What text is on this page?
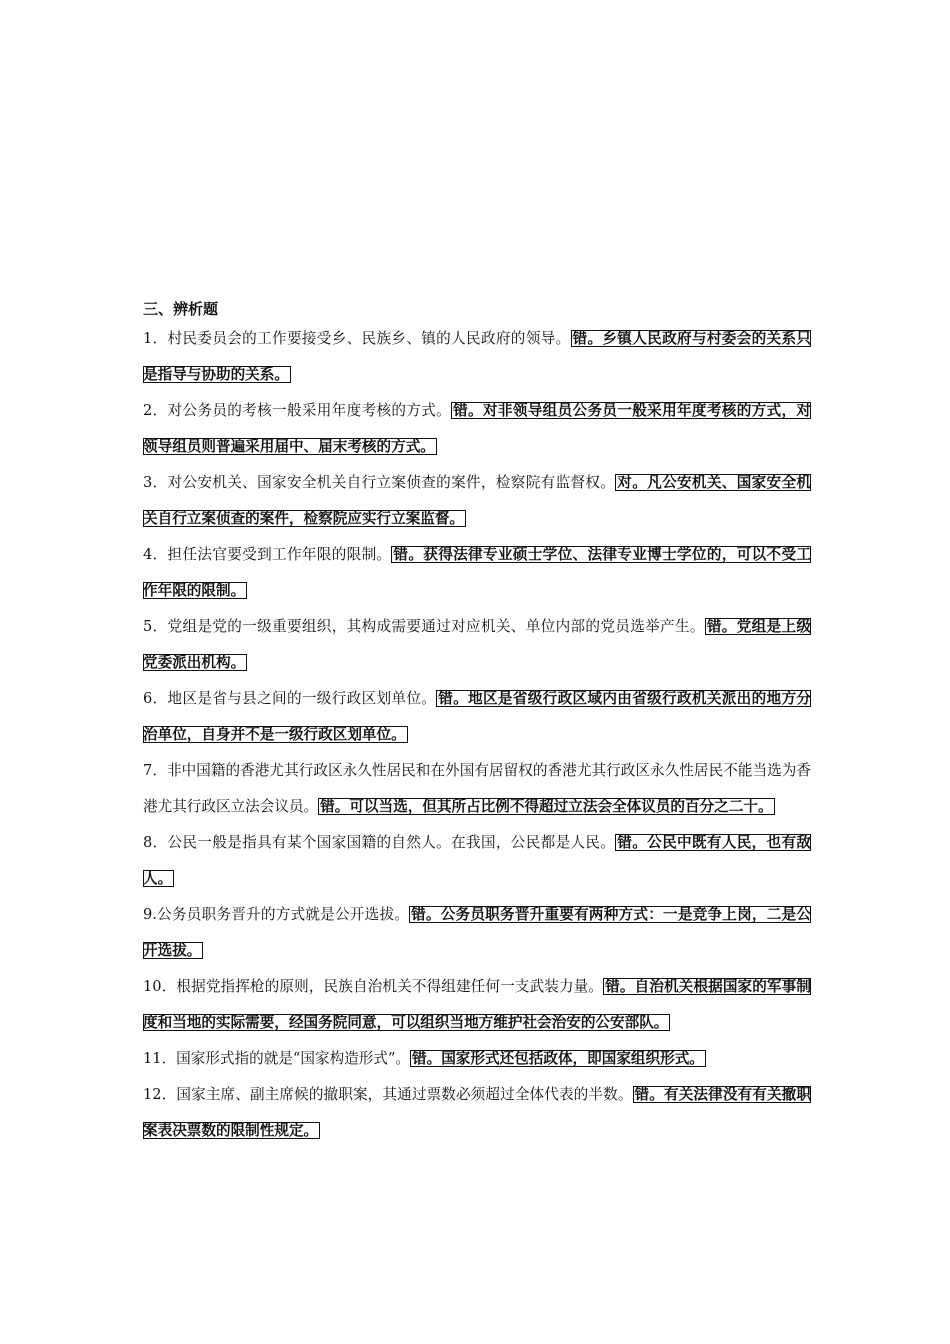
三、辨析题

1．村民委员会的工作要接受乡、民族乡、镇的人民政府的领导。 错。乡镇人民政府与村委会的关系只是指导与协助的关系。

2．对公务员的考核一般采用年度考核的方式。 错。对非领导组员公务员一般采用年度考核的方式，对领导组员则普遍采用届中、届末考核的方式。

3．对公安机关、国家安全机关自行立案侦查的案件，检察院有监督权。 对。凡公安机关、国家安全机关自行立案侦查的案件，检察院应实行立案监督。

4．担任法官要受到工作年限的限制。 错。获得法律专业硕士学位、法律专业博士学位的，可以不受工作年限的限制。

5．党组是党的一级重要组织，其构成需要通过对应机关、单位内部的党员选举产生。 错。党组是上级党委派出机构。

6．地区是省与县之间的一级行政区划单位。 错。地区是省级行政区域内由省级行政机关派出的地方分治单位，自身并不是一级行政区划单位。

7．非中国籍的香港尤其行政区永久性居民和在外国有居留权的香港尤其行政区永久性居民不能当选为香港尤其行政区立法会议员。 错。可以当选，但其所占比例不得超过立法会全体议员的百分之二十。

8．公民一般是指具有某个国家国籍的自然人。在我国，公民都是人民。 错。公民中既有人民，也有敌人。

9.公务员职务晋升的方式就是公开选拔。 错。公务员职务晋升重要有两种方式：一是竞争上岗，二是公开选拔。

10．根据党指挥枪的原则，民族自治机关不得组建任何一支武装力量。 错。自治机关根据国家的军事制度和当地的实际需要，经国务院同意，可以组织当地方维护社会治安的公安部队。

11．国家形式指的就是“国家构造形式”。 错。国家形式还包括政体，即国家组织形式。

12．国家主席、副主席候的撤职案，其通过票数必须超过全体代表的半数。 错。有关法律没有有关撤职案表决票数的限制性规定。
